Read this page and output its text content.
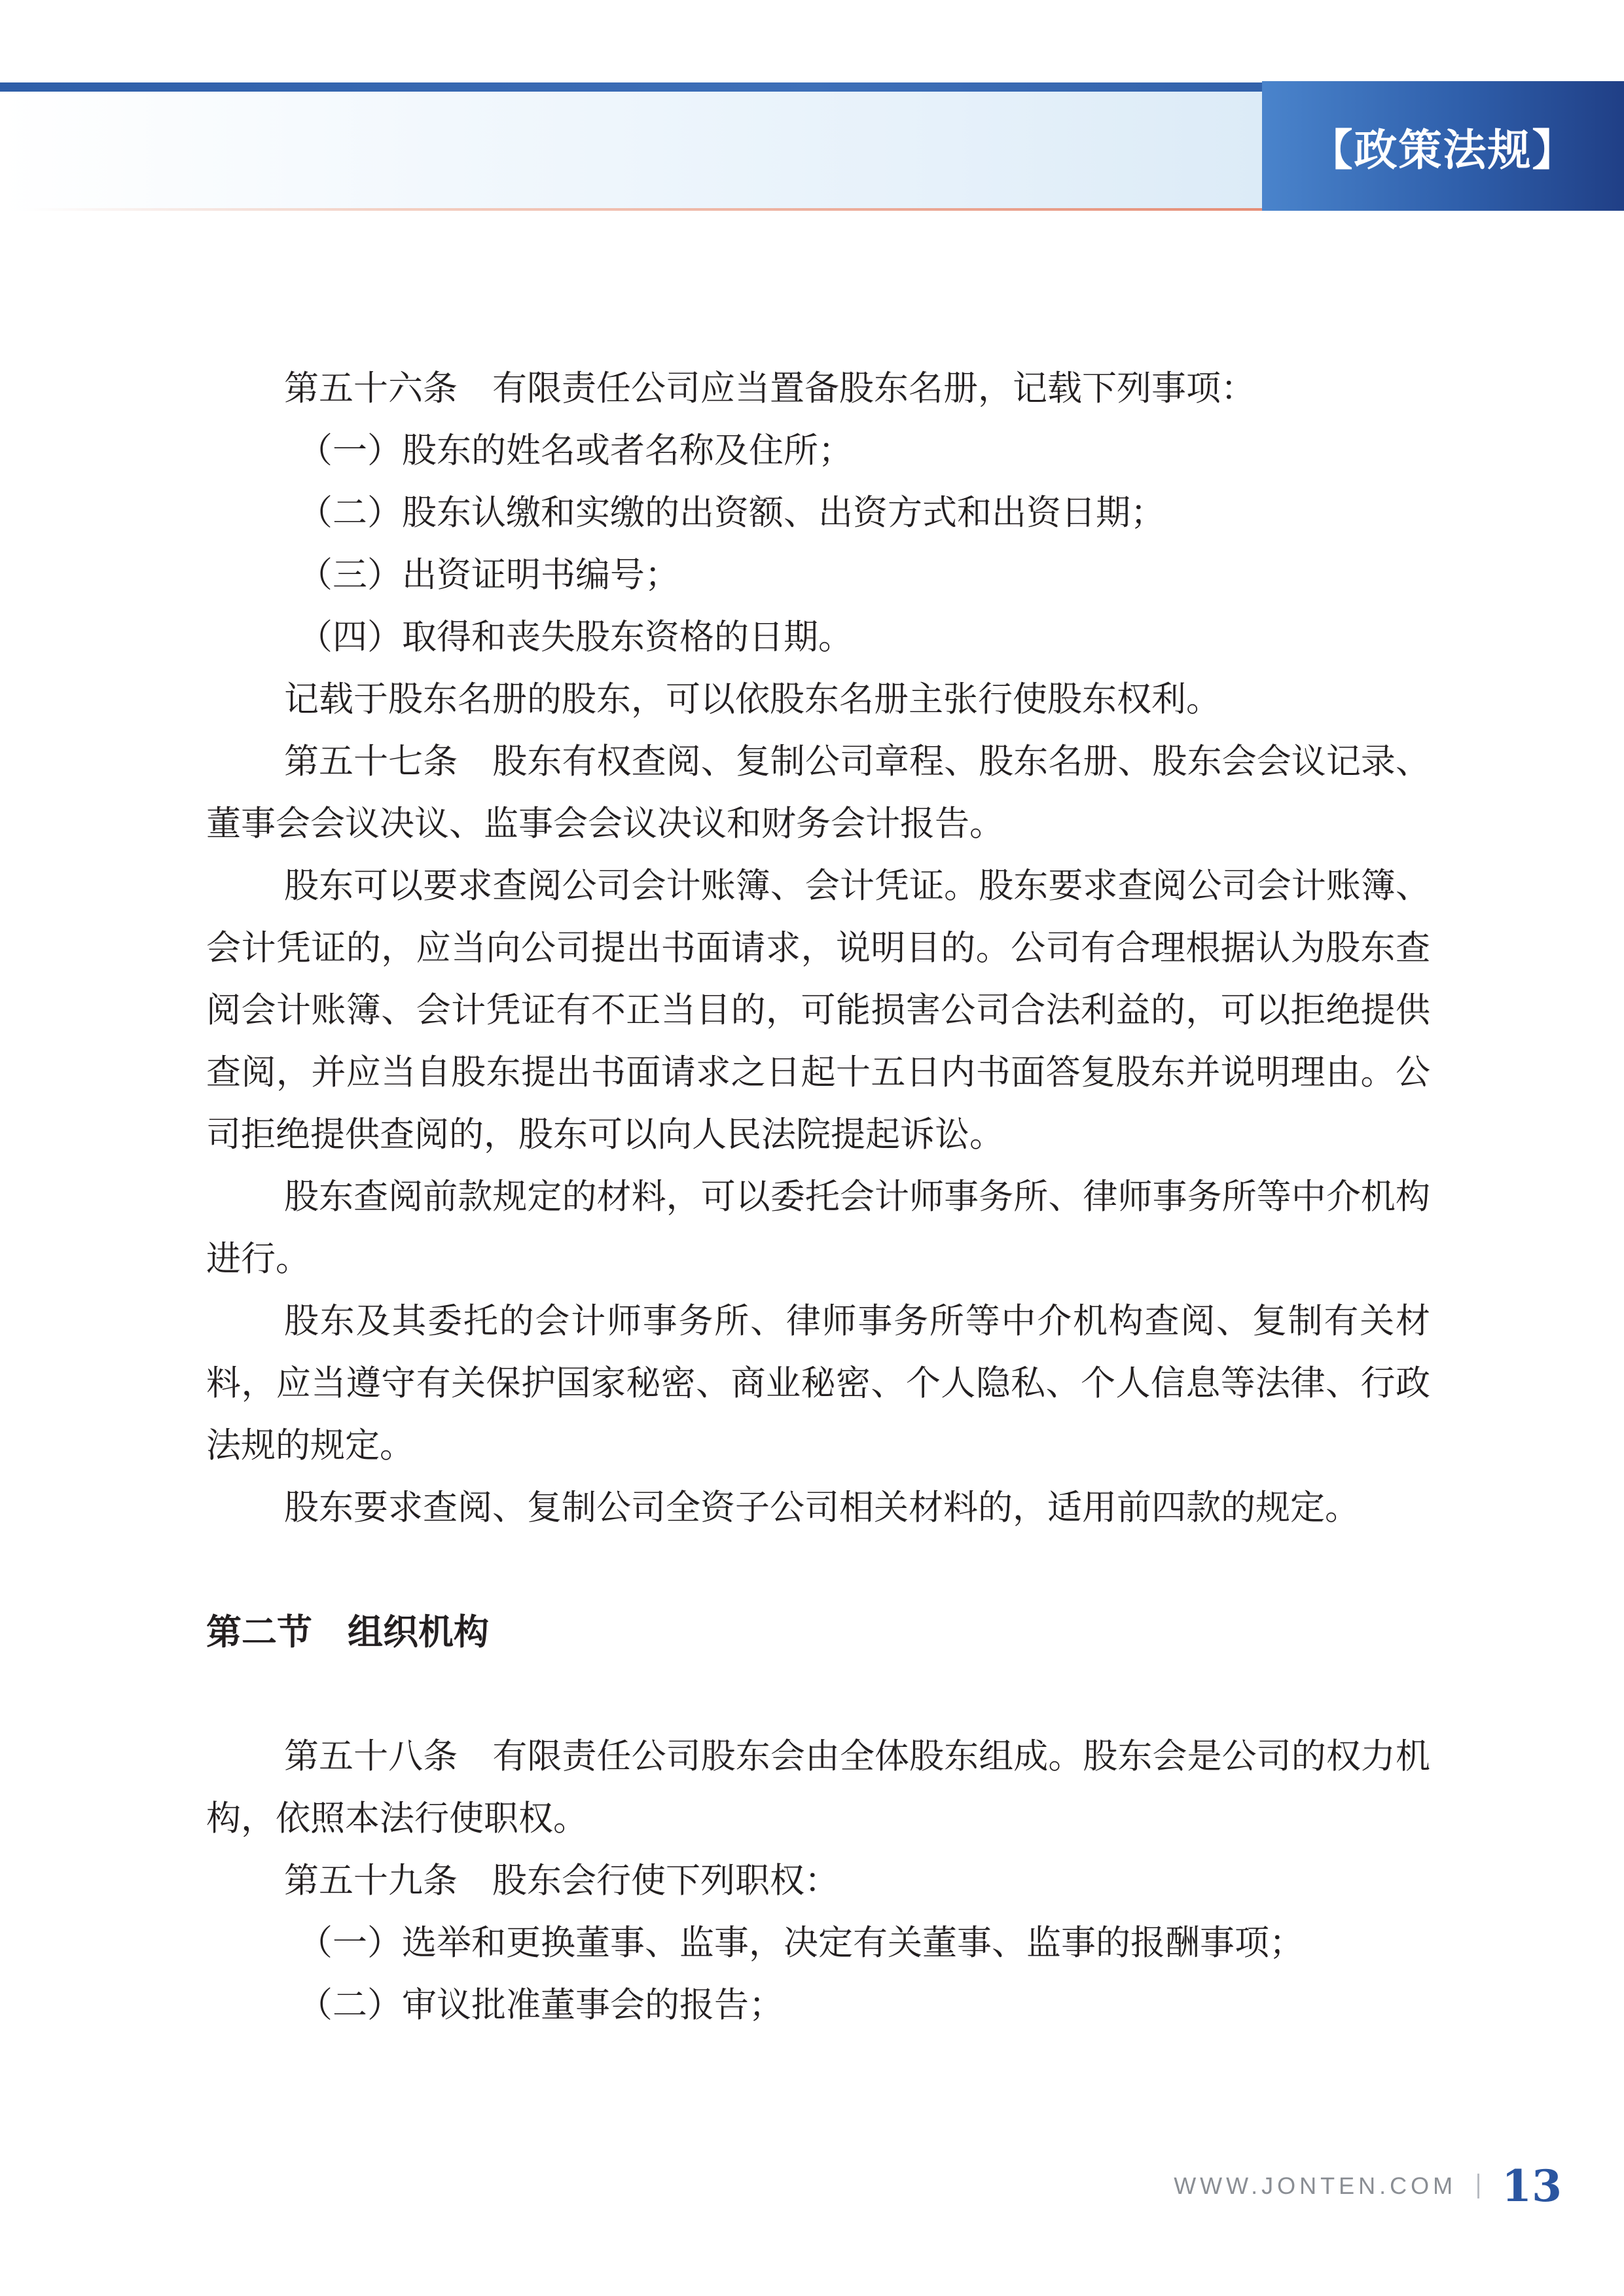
【政策法规】

第五十六条　有限责任公司应当置备股东名册，记载下列事项：

（一）股东的姓名或者名称及住所；

（二）股东认缴和实缴的出资额、出资方式和出资日期；

（三）出资证明书编号；

（四）取得和丧失股东资格的日期。

记载于股东名册的股东，可以依股东名册主张行使股东权利。

第五十七条　股东有权查阅、复制公司章程、股东名册、股东会会议记录、董事会会议决议、监事会会议决议和财务会计报告。

股东可以要求查阅公司会计账簿、会计凭证。股东要求查阅公司会计账簿、会计凭证的，应当向公司提出书面请求，说明目的。公司有合理根据认为股东查阅会计账簿、会计凭证有不正当目的，可能损害公司合法利益的，可以拒绝提供查阅，并应当自股东提出书面请求之日起十五日内书面答复股东并说明理由。公司拒绝提供查阅的，股东可以向人民法院提起诉讼。

股东查阅前款规定的材料，可以委托会计师事务所、律师事务所等中介机构进行。

股东及其委托的会计师事务所、律师事务所等中介机构查阅、复制有关材料，应当遵守有关保护国家秘密、商业秘密、个人隐私、个人信息等法律、行政法规的规定。

股东要求查阅、复制公司全资子公司相关材料的，适用前四款的规定。

第二节　组织机构

第五十八条　有限责任公司股东会由全体股东组成。股东会是公司的权力机构，依照本法行使职权。

第五十九条　股东会行使下列职权：

（一）选举和更换董事、监事，决定有关董事、监事的报酬事项；

（二）审议批准董事会的报告；

WWW.JONTEN.COM 13
